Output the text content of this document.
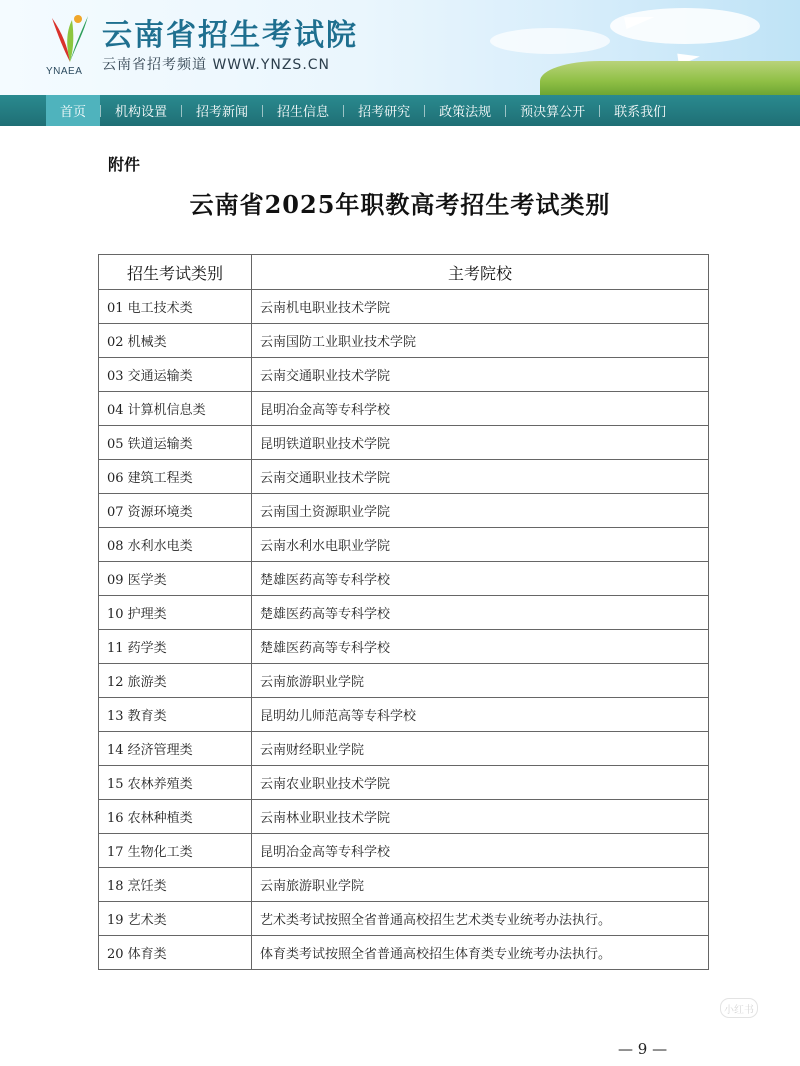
YNAEA
云南省招生考试院
云南省招考频道 WWW.YNZS.CN
首页	机构设置	招考新闻	招生信息	招考研究	政策法规	预决算公开	联系我们
附件
云南省2025年职教高考招生考试类别
招生考试类别	主考院校
01 电工技术类	云南机电职业技术学院
02 机械类	云南国防工业职业技术学院
03 交通运输类	云南交通职业技术学院
04 计算机信息类	昆明冶金高等专科学校
05 铁道运输类	昆明铁道职业技术学院
06 建筑工程类	云南交通职业技术学院
07 资源环境类	云南国土资源职业学院
08 水利水电类	云南水利水电职业学院
09 医学类	楚雄医药高等专科学校
10 护理类	楚雄医药高等专科学校
11 药学类	楚雄医药高等专科学校
12 旅游类	云南旅游职业学院
13 教育类	昆明幼儿师范高等专科学校
14 经济管理类	云南财经职业学院
15 农林养殖类	云南农业职业技术学院
16 农林种植类	云南林业职业技术学院
17 生物化工类	昆明冶金高等专科学校
18 烹饪类	云南旅游职业学院
19 艺术类	艺术类考试按照全省普通高校招生艺术类专业统考办法执行。
20 体育类	体育类考试按照全省普通高校招生体育类专业统考办法执行。
小红书
— 9 —
